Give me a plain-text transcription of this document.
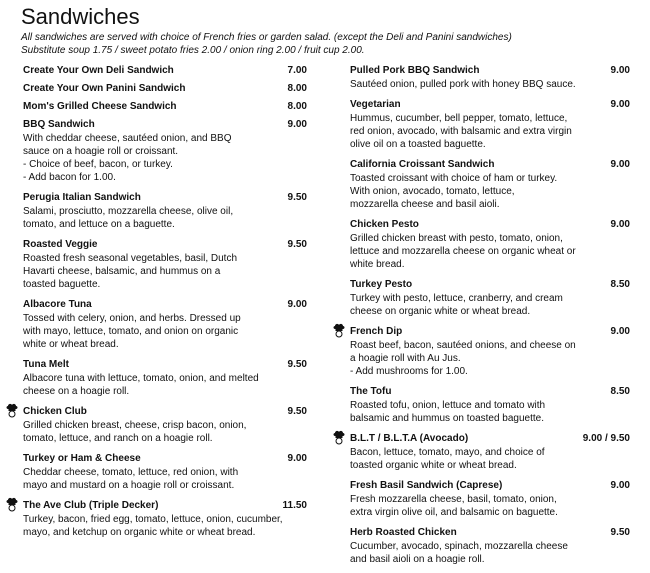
Sandwiches
All sandwiches are served with choice of French fries or garden salad. (except the Deli and Panini sandwiches)
Substitute soup 1.75 / sweet potato fries 2.00 / onion ring 2.00 / fruit cup 2.00.
Create Your Own Deli Sandwich	7.00
Create Your Own Panini Sandwich	8.00
Mom's Grilled Cheese Sandwich	8.00
BBQ Sandwich	9.00
With cheddar cheese, sautéed onion, and BBQ
sauce on a hoagie roll or croissant.
- Choice of beef, bacon, or turkey.
- Add bacon for 1.00.
Perugia Italian Sandwich	9.50
Salami, prosciutto, mozzarella cheese, olive oil,
tomato, and lettuce on a baguette.
Roasted Veggie	9.50
Roasted fresh seasonal vegetables, basil, Dutch
Havarti cheese, balsamic, and hummus on a
toasted baguette.
Albacore Tuna	9.00
Tossed with celery, onion, and herbs. Dressed up
with mayo, lettuce, tomato, and onion on organic
white or wheat bread.
Tuna Melt	9.50
Albacore tuna with lettuce, tomato, onion, and melted
cheese on a hoagie roll.
Chicken Club	9.50
Grilled chicken breast, cheese, crisp bacon, onion,
tomato, lettuce, and ranch on a hoagie roll.
Turkey or Ham & Cheese	9.00
Cheddar cheese, tomato, lettuce, red onion, with
mayo and mustard on a hoagie roll or croissant.
The Ave Club (Triple Decker)	11.50
Turkey, bacon, fried egg, tomato, lettuce, onion, cucumber,
mayo, and ketchup on organic white or wheat bread.
Pulled Pork BBQ Sandwich	9.00
Sautéed onion, pulled pork with honey BBQ sauce.
Vegetarian	9.00
Hummus, cucumber, bell pepper, tomato, lettuce,
red onion, avocado, with balsamic and extra virgin
olive oil on a toasted baguette.
California Croissant Sandwich	9.00
Toasted croissant with choice of ham or turkey.
With onion, avocado, tomato, lettuce,
mozzarella cheese and basil aioli.
Chicken Pesto	9.00
Grilled chicken breast with pesto, tomato, onion,
lettuce and mozzarella cheese on organic wheat or
white bread.
Turkey Pesto	8.50
Turkey with pesto, lettuce, cranberry, and cream
cheese on organic white or wheat bread.
French Dip	9.00
Roast beef, bacon, sautéed onions, and cheese on
a hoagie roll with Au Jus.
- Add mushrooms for 1.00.
The Tofu	8.50
Roasted tofu, onion, lettuce and tomato with
balsamic and hummus on toasted baguette.
B.L.T / B.L.T.A (Avocado)	9.00 / 9.50
Bacon, lettuce, tomato, mayo, and choice of
toasted organic white or wheat bread.
Fresh Basil Sandwich (Caprese)	9.00
Fresh mozzarella cheese, basil, tomato, onion,
extra virgin olive oil, and balsamic on baguette.
Herb Roasted Chicken	9.50
Cucumber, avocado, spinach, mozzarella cheese
and basil aioli on a hoagie roll.
